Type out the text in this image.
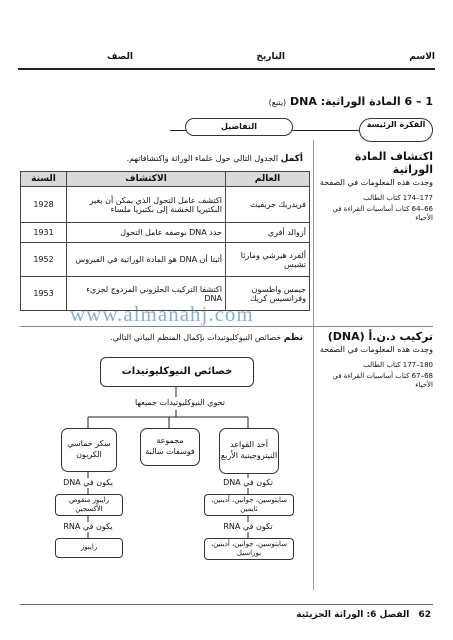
الاسم
التاريخ
الصف
1 – 6 المادة الوراثية: DNA (يتبع)
الفكرة الرئيسة
التفاصيل
اكتشاف المادة الوراثية
وجدت هذه المعلومات في الصفحة
177–174 كتاب الطالب
66–64 كتاب أساسيات القراءة في الأحياء
أكمل الجدول التالي حول علماء الوراثة واكتشافاتهم.
العالم	الاكتشاف	السنة
فريدريك جريفيث	اكتشف عامل التحول الذي يمكن أن يغير البكتيريا الخشنة إلى بكتيريا ملساء	1928
أزوالد أفري	حدد DNA بوصفه عامل التحول	1931
ألفرد هيرشي ومارثا تشيس	أثبتا أن DNA هو المادة الوراثية في الفيروس	1952
جيمس واطسون وفرانسيس كريك	اكتشفا التركيب الحلزوني المزدوج لجزيء DNA	1953
www.almanahj.com
تركيب د.ن.أ (DNA)
وجدت هذه المعلومات في الصفحة
180–177 كتاب الطالب
68–67 كتاب أساسيات القراءة في الأحياء
نظم خصائص النيوكليوتيدات بإكمال المنظم البياني التالي.
خصائص النيوكليوتيدات
تحوي النيوكليوتيدات جميعها
سكر خماسي الكربون
مجموعة فوسفات سالبة
أحد القواعد النيتروجينية الأربع
يكون في DNA
رايبوز منقوص الأكسجين
يكون في RNA
رايبوز
تكون في DNA
سايتوسين، جوانين، أدينين، ثايمين
تكون في RNA
سايتوسين، جوانين، أدينين، يوراسيل
62 الفصل 6: الوراثة الجزيئية
